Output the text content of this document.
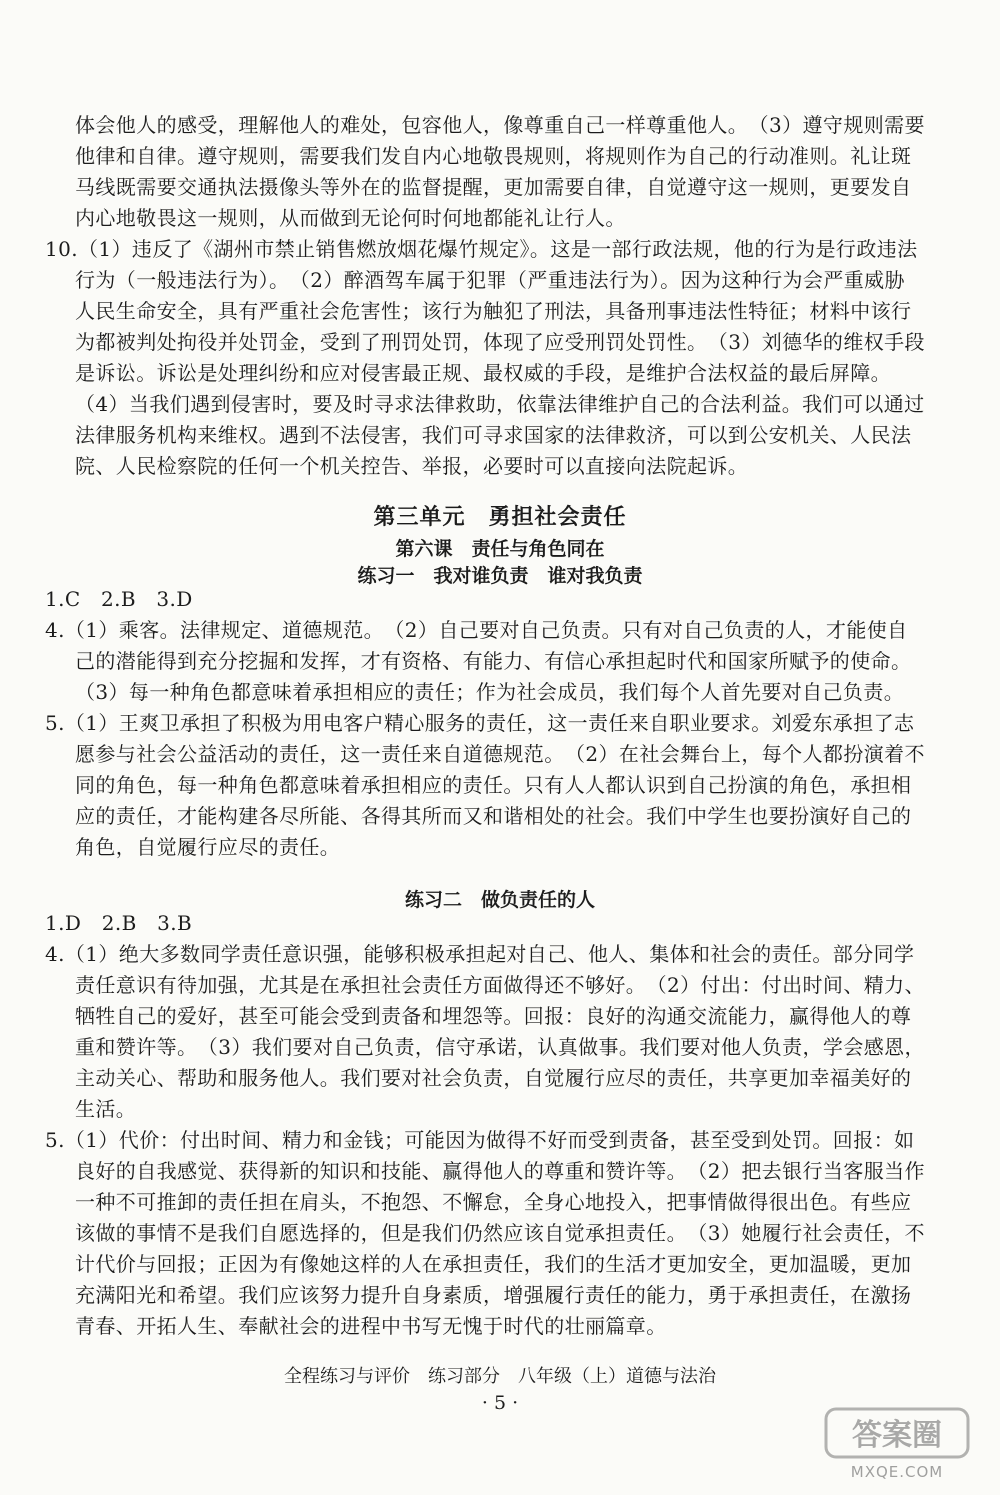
体会他人的感受，理解他人的难处，包容他人，像尊重自己一样尊重他人。　（3）遵守规则需要他律和自律。遵守规则，需要我们发自内心地敬畏规则，将规则作为自己的行动准则。礼让斑马线既需要交通执法摄像头等外在的监督提醒，更加需要自律，自觉遵守这一规则，更要发自内心地敬畏这一规则，从而做到无论何时何地都能礼让行人。

10.（1）违反了《湖州市禁止销售燃放烟花爆竹规定》。这是一部行政法规，他的行为是行政违法行为（一般违法行为）。　（2）醉酒驾车属于犯罪（严重违法行为）。因为这种行为会严重威胁人民生命安全，具有严重社会危害性；该行为触犯了刑法，具备刑事违法性特征；材料中该行为都被判处拘役并处罚金，受到了刑罚处罚，体现了应受刑罚处罚性。　（3）刘德华的维权手段是诉讼。诉讼是处理纠纷和应对侵害最正规、最权威的手段，是维护合法权益的最后屏障。　（4）当我们遇到侵害时，要及时寻求法律救助，依靠法律维护自己的合法利益。我们可以通过法律服务机构来维权。遇到不法侵害，我们可寻求国家的法律救济，可以到公安机关、人民法院、人民检察院的任何一个机关控告、举报，必要时可以直接向法院起诉。

第三单元　勇担社会责任
第六课　责任与角色同在
练习一　我对谁负责　谁对我负责

1.C　2.B　3.D

4.（1）乘客。法律规定、道德规范。　（2）自己要对自己负责。只有对自己负责的人，才能使自己的潜能得到充分挖掘和发挥，才有资格、有能力、有信心承担起时代和国家所赋予的使命。　（3）每一种角色都意味着承担相应的责任；作为社会成员，我们每个人首先要对自己负责。

5.（1）王爽卫承担了积极为用电客户精心服务的责任，这一责任来自职业要求。刘爱东承担了志愿参与社会公益活动的责任，这一责任来自道德规范。　（2）在社会舞台上，每个人都扮演着不同的角色，每一种角色都意味着承担相应的责任。只有人人都认识到自己扮演的角色，承担相应的责任，才能构建各尽所能、各得其所而又和谐相处的社会。我们中学生也要扮演好自己的角色，自觉履行应尽的责任。

练习二　做负责任的人

1.D　2.B　3.B

4.（1）绝大多数同学责任意识强，能够积极承担起对自己、他人、集体和社会的责任。部分同学责任意识有待加强，尤其是在承担社会责任方面做得还不够好。　（2）付出：付出时间、精力、牺牲自己的爱好，甚至可能会受到责备和埋怨等。回报：良好的沟通交流能力，赢得他人的尊重和赞许等。　（3）我们要对自己负责，信守承诺，认真做事。我们要对他人负责，学会感恩，主动关心、帮助和服务他人。我们要对社会负责，自觉履行应尽的责任，共享更加幸福美好的生活。

5.（1）代价：付出时间、精力和金钱；可能因为做得不好而受到责备，甚至受到处罚。回报：如良好的自我感觉、获得新的知识和技能、赢得他人的尊重和赞许等。　（2）把去银行当客服当作一种不可推卸的责任担在肩头，不抱怨、不懈怠，全身心地投入，把事情做得很出色。有些应该做的事情不是我们自愿选择的，但是我们仍然应该自觉承担责任。　（3）她履行社会责任，不计代价与回报；正因为有像她这样的人在承担责任，我们的生活才更加安全，更加温暖，更加充满阳光和希望。我们应该努力提升自身素质，增强履行责任的能力，勇于承担责任，在激扬青春、开拓人生、奉献社会的进程中书写无愧于时代的壮丽篇章。

全程练习与评价　练习部分　八年级（上）道德与法治
· 5 ·
答案圈
MXQE.COM
